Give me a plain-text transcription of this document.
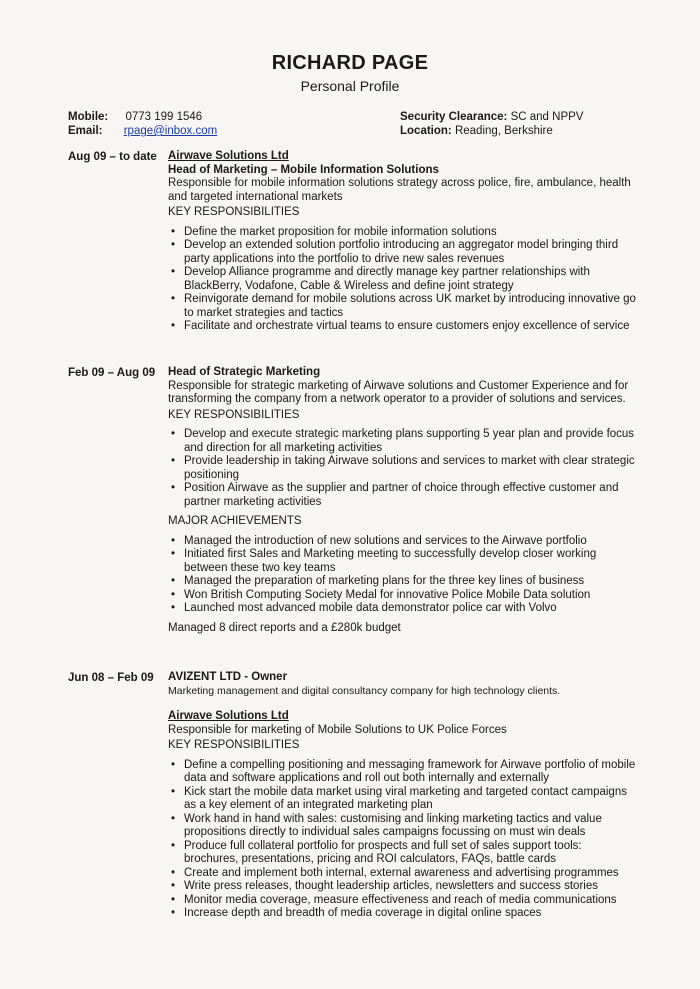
RICHARD PAGE
Personal Profile
Mobile: 0773 199 1546
Email: rpage@inbox.com
Security Clearance: SC and NPPV
Location: Reading, Berkshire
Aug 09 – to date Airwave Solutions Ltd
Head of Marketing – Mobile Information Solutions

Responsible for mobile information solutions strategy across police, fire, ambulance, health and targeted international markets

KEY RESPONSIBILITIES

• Define the market proposition for mobile information solutions
• Develop an extended solution portfolio introducing an aggregator model bringing third party applications into the portfolio to drive new sales revenues
• Develop Alliance programme and directly manage key partner relationships with BlackBerry, Vodafone, Cable & Wireless and define joint strategy
• Reinvigorate demand for mobile solutions across UK market by introducing innovative go to market strategies and tactics
• Facilitate and orchestrate virtual teams to ensure customers enjoy excellence of service
Feb 09 – Aug 09 Head of Strategic Marketing

Responsible for strategic marketing of Airwave solutions and Customer Experience and for transforming the company from a network operator to a provider of solutions and services.

KEY RESPONSIBILITIES

• Develop and execute strategic marketing plans supporting 5 year plan and provide focus and direction for all marketing activities
• Provide leadership in taking Airwave solutions and services to market with clear strategic positioning
• Position Airwave as the supplier and partner of choice through effective customer and partner marketing activities

MAJOR ACHIEVEMENTS

• Managed the introduction of new solutions and services to the Airwave portfolio
• Initiated first Sales and Marketing meeting to successfully develop closer working between these two key teams
• Managed the preparation of marketing plans for the three key lines of business
• Won British Computing Society Medal for innovative Police Mobile Data solution
• Launched most advanced mobile data demonstrator police car with Volvo

Managed 8 direct reports and a £280k budget

Jun 08 – Feb 09 AVIZENT LTD - Owner

Marketing management and digital consultancy company for high technology clients.

Airwave Solutions Ltd

Responsible for marketing of Mobile Solutions to UK Police Forces

KEY RESPONSIBILITIES

• Define a compelling positioning and messaging framework for Airwave portfolio of mobile data and software applications and roll out both internally and externally
• Kick start the mobile data market using viral marketing and targeted contact campaigns as a key element of an integrated marketing plan
• Work hand in hand with sales: customising and linking marketing tactics and value propositions directly to individual sales campaigns focussing on must win deals
• Produce full collateral portfolio for prospects and full set of sales support tools: brochures, presentations, pricing and ROI calculators, FAQs, battle cards
• Create and implement both internal, external awareness and advertising programmes
• Write press releases, thought leadership articles, newsletters and success stories
• Monitor media coverage, measure effectiveness and reach of media communications
• Increase depth and breadth of media coverage in digital online spaces
